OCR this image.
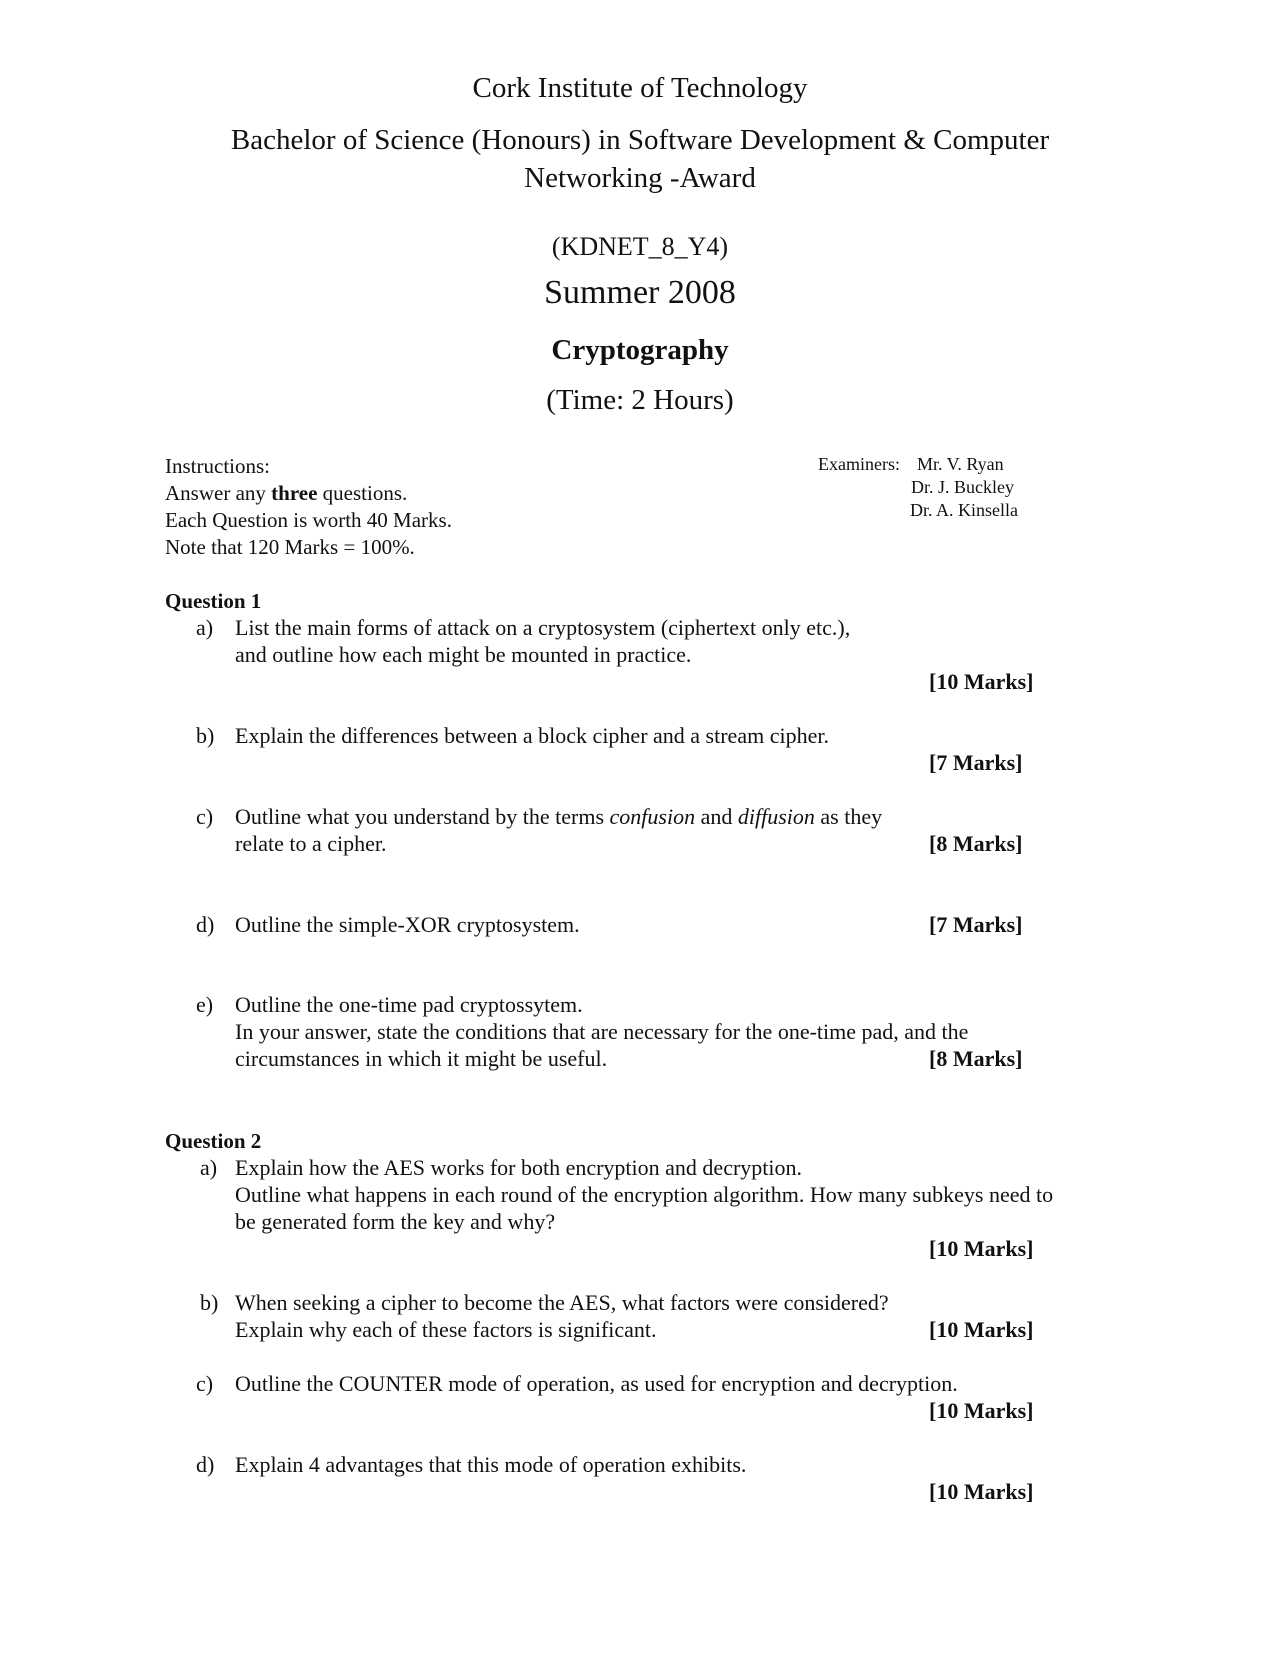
Cork Institute of Technology
Bachelor of Science (Honours) in Software Development & Computer
Networking -Award
(KDNET_8_Y4)
Summer 2008
Cryptography
(Time: 2 Hours)
Instructions:
Answer any three questions.
Each Question is worth 40 Marks.
Note that 120 Marks = 100%.
Examiners: Mr. V. Ryan
Dr. J. Buckley
Dr. A. Kinsella
Question 1
a) List the main forms of attack on a cryptosystem (ciphertext only etc.),
and outline how each might be mounted in practice.
[10 Marks]
b) Explain the differences between a block cipher and a stream cipher.
[7 Marks]
c) Outline what you understand by the terms confusion and diffusion as they
relate to a cipher.	[8 Marks]
d) Outline the simple-XOR cryptosystem.	[7 Marks]
e) Outline the one-time pad cryptossytem.
In your answer, state the conditions that are necessary for the one-time pad, and the
circumstances in which it might be useful.	[8 Marks]
Question 2
a) Explain how the AES works for both encryption and decryption.
Outline what happens in each round of the encryption algorithm. How many subkeys need to
be generated form the key and why?
[10 Marks]
b) When seeking a cipher to become the AES, what factors were considered?
Explain why each of these factors is significant.	[10 Marks]
c) Outline the COUNTER mode of operation, as used for encryption and decryption.
[10 Marks]
d) Explain 4 advantages that this mode of operation exhibits.
[10 Marks]
